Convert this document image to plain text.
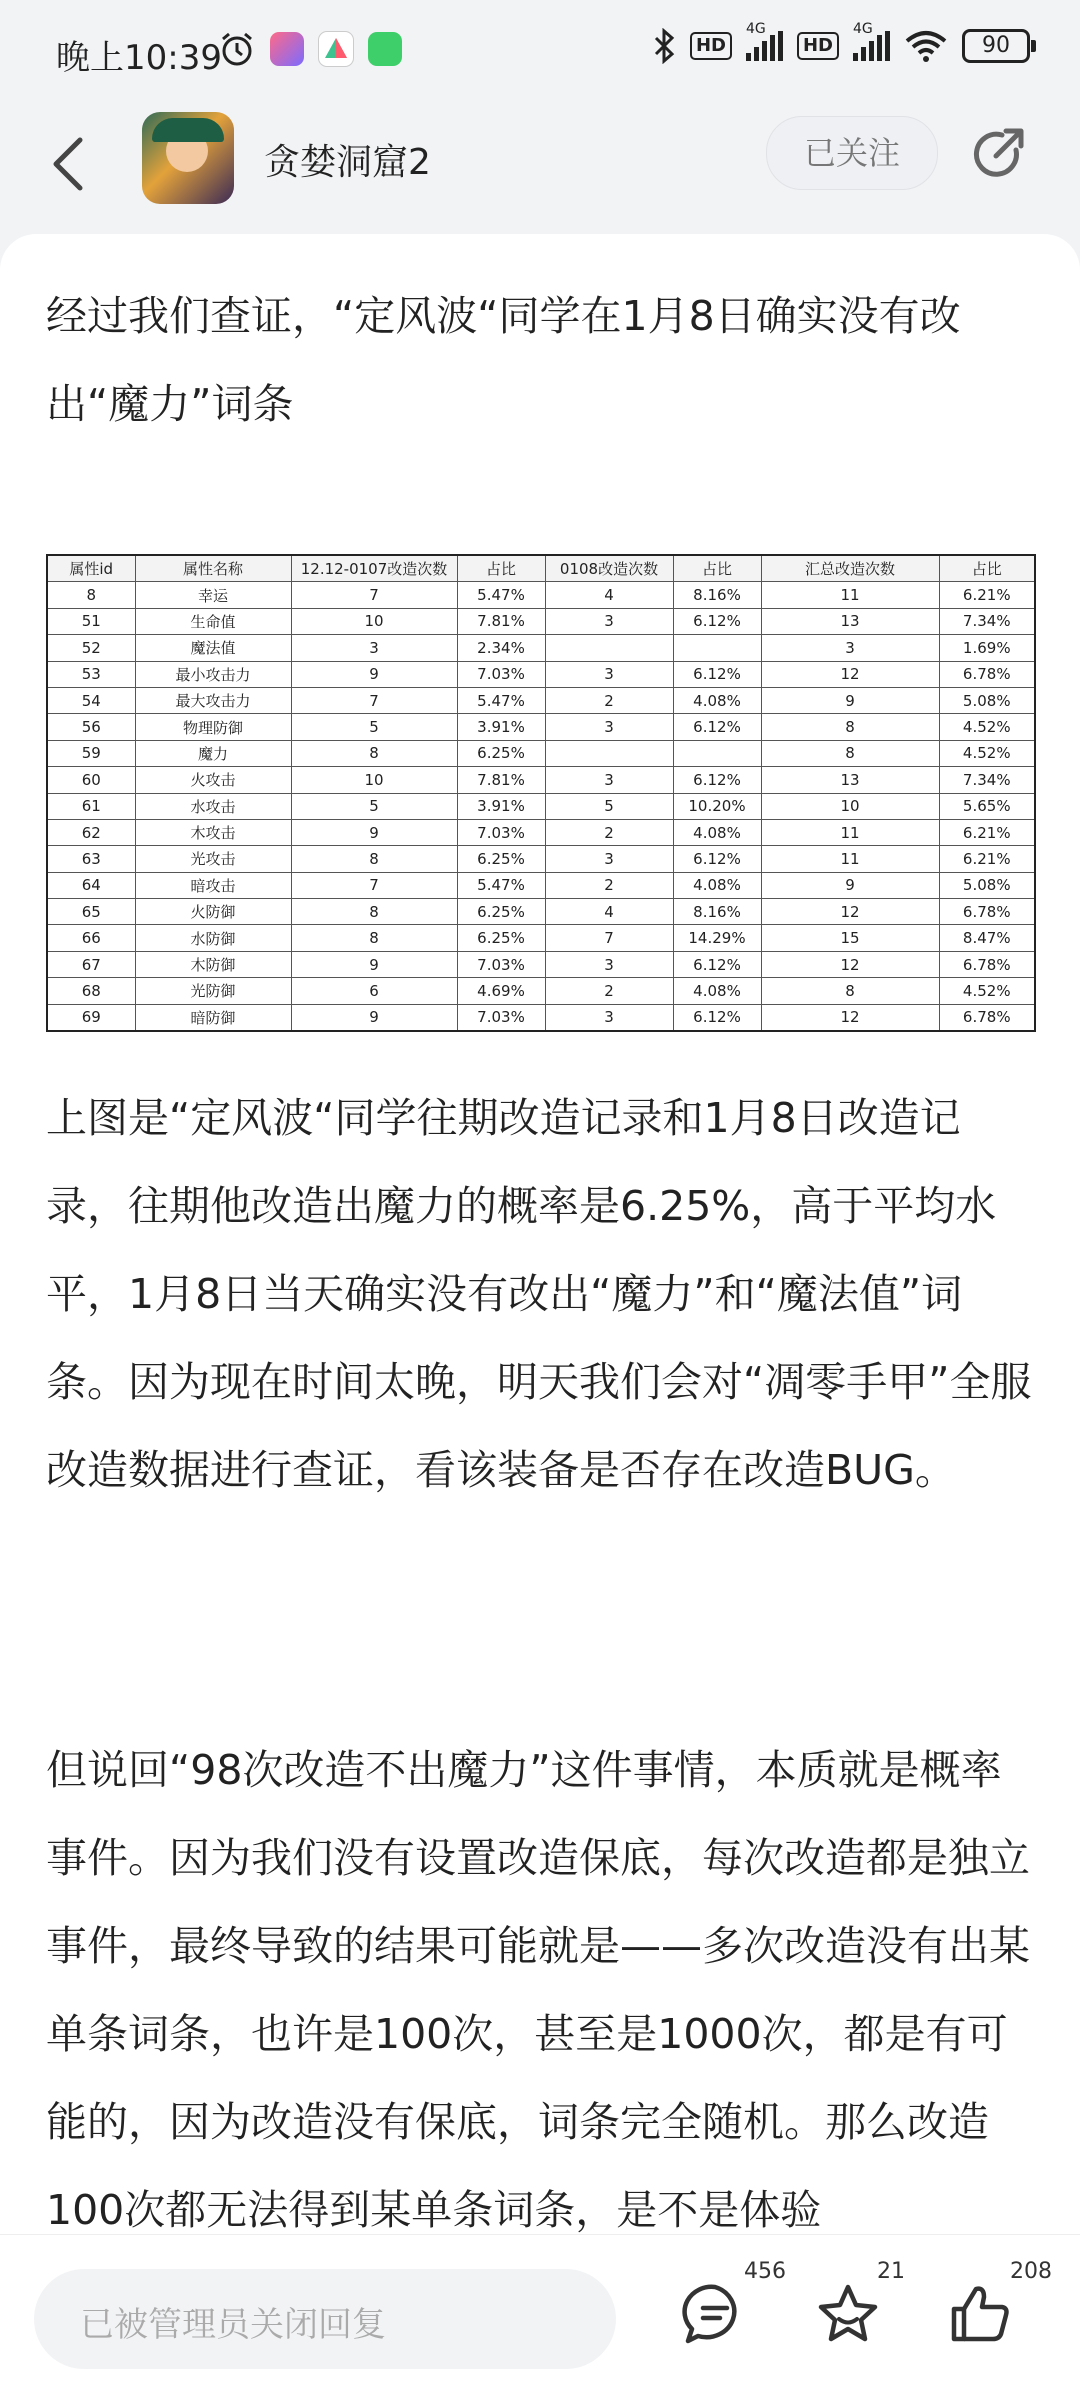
晚上10:39	HD
4G
HD
4G
90
贪婪洞窟2	已关注
经过我们查证，“定风波“同学在1月8日确实没有改出“魔力”词条
属性id	属性名称	12.12-0107改造次数	占比	0108改造次数	占比	汇总改造次数	占比
8	幸运	7	5.47%	4	8.16%	11	6.21%
51	生命值	10	7.81%	3	6.12%	13	7.34%
52	魔法值	3	2.34%			3	1.69%
53	最小攻击力	9	7.03%	3	6.12%	12	6.78%
54	最大攻击力	7	5.47%	2	4.08%	9	5.08%
56	物理防御	5	3.91%	3	6.12%	8	4.52%
59	魔力	8	6.25%			8	4.52%
60	火攻击	10	7.81%	3	6.12%	13	7.34%
61	水攻击	5	3.91%	5	10.20%	10	5.65%
62	木攻击	9	7.03%	2	4.08%	11	6.21%
63	光攻击	8	6.25%	3	6.12%	11	6.21%
64	暗攻击	7	5.47%	2	4.08%	9	5.08%
65	火防御	8	6.25%	4	8.16%	12	6.78%
66	水防御	8	6.25%	7	14.29%	15	8.47%
67	木防御	9	7.03%	3	6.12%	12	6.78%
68	光防御	6	4.69%	2	4.08%	8	4.52%
69	暗防御	9	7.03%	3	6.12%	12	6.78%
上图是“定风波“同学往期改造记录和1月8日改造记录，往期他改造出魔力的概率是6.25%，高于平均水平，1月8日当天确实没有改出“魔力”和“魔法值”词条。因为现在时间太晚，明天我们会对“凋零手甲”全服改造数据进行查证，看该装备是否存在改造BUG。
但说回“98次改造不出魔力”这件事情，本质就是概率事件。因为我们没有设置改造保底，每次改造都是独立事件，最终导致的结果可能就是——多次改造没有出某单条词条，也许是100次，甚至是1000次，都是有可能的，因为改造没有保底，词条完全随机。那么改造100次都无法得到某单条词条，是不是体验
已被管理员关闭回复
456	21	208
